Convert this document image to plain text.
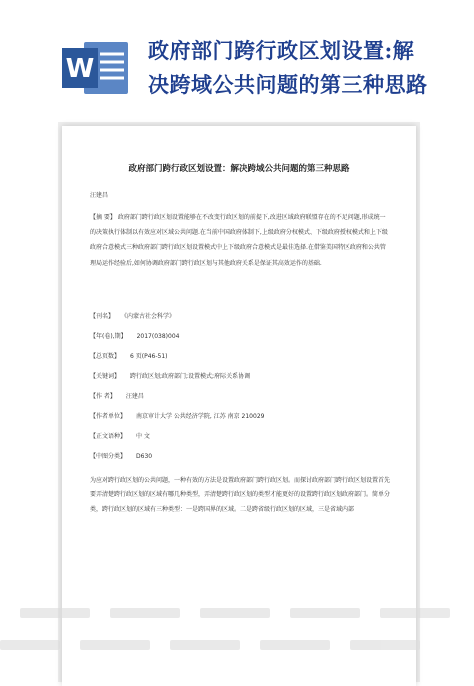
W
政府部门跨行政区划设置:解
决跨域公共问题的第三种思路
政府部门跨行政区划设置：解决跨域公共问题的第三种思路
汪建昌
【摘 要】 政府部门跨行政区划设置能够在不改变行政区划的前提下,改进区域政府联盟存在的不足问题,形成统一的决策执行体制以有效应对区域公共问题.在当前中国政府体制下,上级政府分权模式、下级政府授权模式和上下级政府合意模式三种政府部门跨行政区划设置模式中上下级政府合意模式是最佳选择.在借鉴美国特区政府和公共管理局运作经验后,如何协调政府部门跨行政区划与其他政府关系是保证其高效运作的基础.
【刊名】 《内蒙古社会科学》
【年(卷),期】 2017(038)004
【总页数】 6 页(P46-51)
【关键词】 跨行政区划;政府部门;设置模式;府际关系协调
【作 者】 汪建昌
【作者单位】 南京审计大学 公共经济学院, 江苏 南京 210029
【正文语种】 中 文
【中图分类】 D630
为应对跨行政区划的公共问题，一种有效的方法是设置政府部门跨行政区划。而探讨政府部门跨行政区划设置首先要弄清楚跨行政区划的区域有哪几种类型，弄清楚跨行政区划的类型才能更好的设置跨行政区划政府部门。简单分类，跨行政区划的区域有三种类型：一是跨国界的区域。二是跨省级行政区划的区域，三是省域内部
